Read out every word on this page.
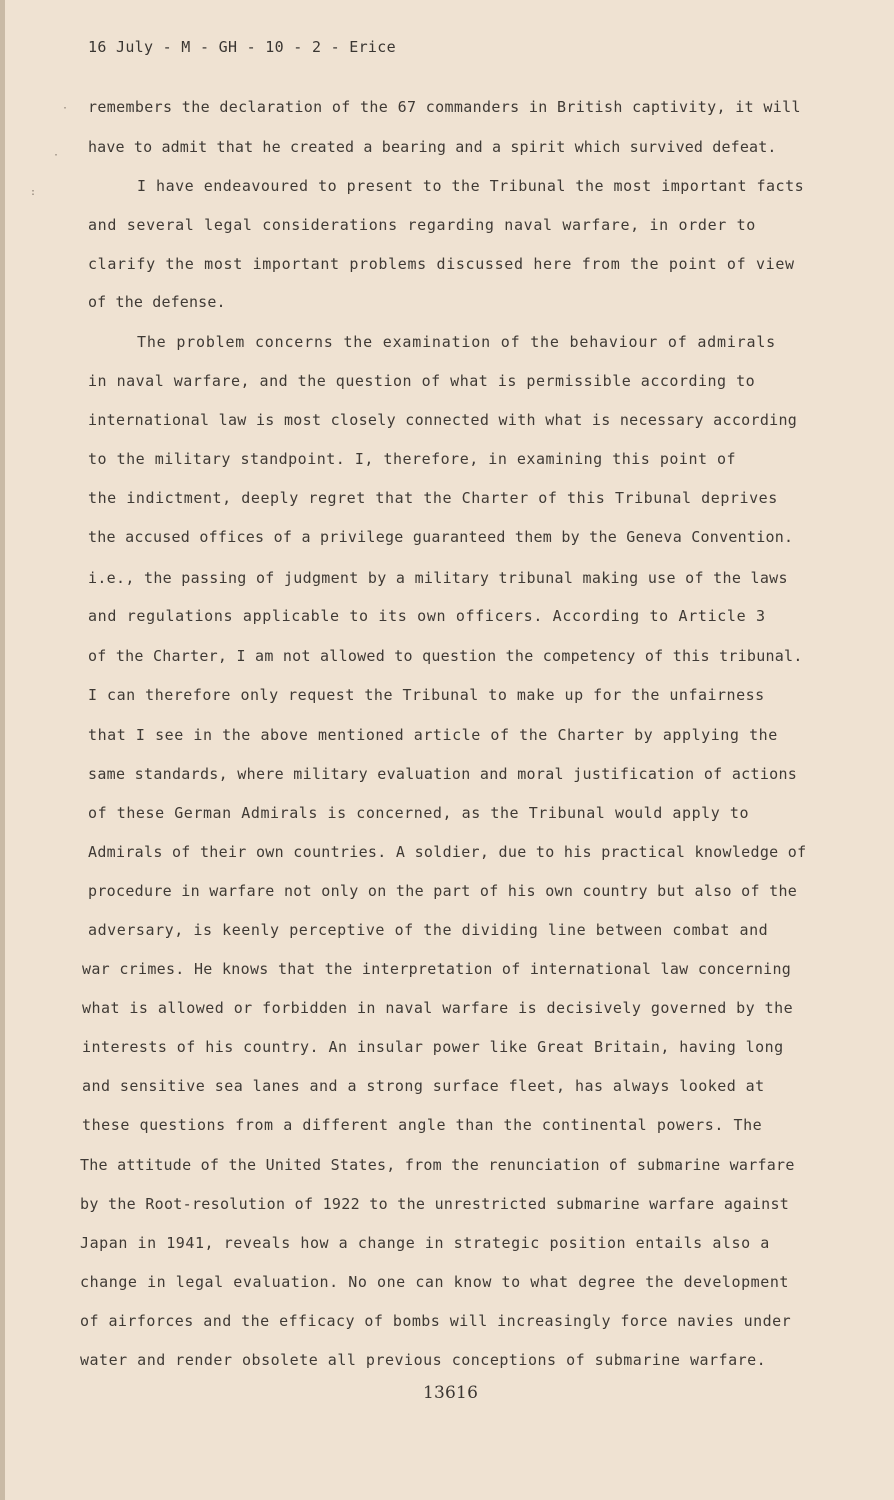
·
·
:
16 July - M - GH - 10 - 2 - Erice
remembers the declaration of the 67 commanders in British captivity, it will
have to admit that he created a bearing and a spirit which survived defeat.
I have endeavoured to present to the Tribunal the most important facts
and several legal considerations regarding naval warfare, in order to
clarify the most important problems discussed here from the point of view
of the defense.
The problem concerns the examination of the behaviour of admirals
in naval warfare, and the question of what is permissible according to
international law is most closely connected with what is necessary according
to the military standpoint. I, therefore, in examining this point of
the indictment, deeply regret that the Charter of this Tribunal deprives
the accused offices of a privilege guaranteed them by the Geneva Convention.
i.e., the passing of judgment by a military tribunal making use of the laws
and regulations applicable to its own officers. According to Article 3
of the Charter, I am not allowed to question the competency of this tribunal.
I can therefore only request the Tribunal to make up for the unfairness
that I see in the above mentioned article of the Charter by applying the
same standards, where military evaluation and moral justification of actions
of these German Admirals is concerned, as the Tribunal would apply to
Admirals of their own countries. A soldier, due to his practical knowledge of
procedure in warfare not only on the part of his own country but also of the
adversary, is keenly perceptive of the dividing line between combat and
war crimes. He knows that the interpretation of international law concerning
what is allowed or forbidden in naval warfare is decisively governed by the
interests of his country. An insular power like Great Britain, having long
and sensitive sea lanes and a strong surface fleet, has always looked at
these questions from a different angle than the continental powers. The
The attitude of the United States, from the renunciation of submarine warfare
by the Root-resolution of 1922 to the unrestricted submarine warfare against
Japan in 1941, reveals how a change in strategic position entails also a
change in legal evaluation. No one can know to what degree the development
of airforces and the efficacy of bombs will increasingly force navies under
water and render obsolete all previous conceptions of submarine warfare.
13616
